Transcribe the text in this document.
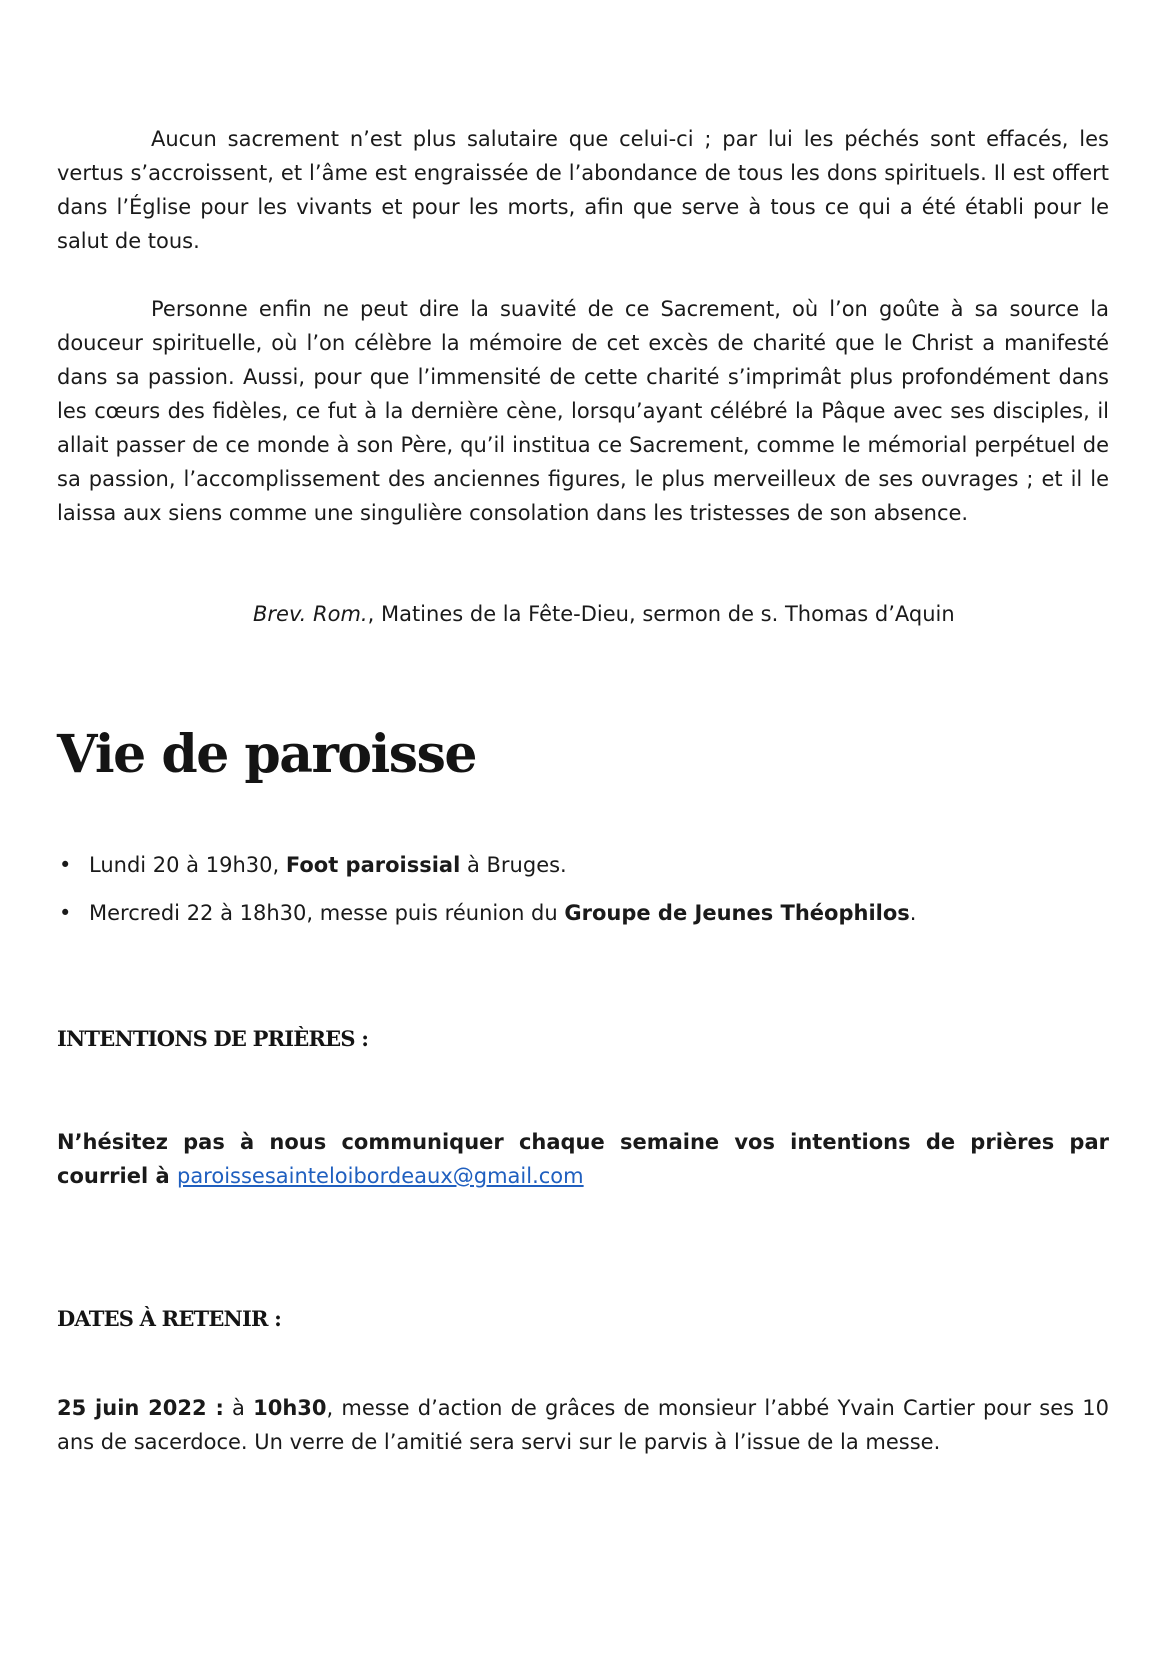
Aucun sacrement n’est plus salutaire que celui-ci ; par lui les péchés sont effacés, les vertus s’accroissent, et l’âme est engraissée de l’abondance de tous les dons spirituels. Il est offert dans l’Église pour les vivants et pour les morts, afin que serve à tous ce qui a été établi pour le salut de tous.

Personne enfin ne peut dire la suavité de ce Sacrement, où l’on goûte à sa source la douceur spirituelle, où l’on célèbre la mémoire de cet excès de charité que le Christ a manifesté dans sa passion. Aussi, pour que l’immensité de cette charité s’imprimât plus profondément dans les cœurs des fidèles, ce fut à la dernière cène, lorsqu’ayant célébré la Pâque avec ses disciples, il allait passer de ce monde à son Père, qu’il institua ce Sacrement, comme le mémorial perpétuel de sa passion, l’accomplissement des anciennes figures, le plus merveilleux de ses ouvrages ; et il le laissa aux siens comme une singulière consolation dans les tristesses de son absence.

Brev. Rom., Matines de la Fête-Dieu, sermon de s. Thomas d’Aquin
Vie de paroisse
• Lundi 20 à 19h30, Foot paroissial à Bruges.
• Mercredi 22 à 18h30, messe puis réunion du Groupe de Jeunes Théophilos.
INTENTIONS DE PRIÈRES :

N’hésitez pas à nous communiquer chaque semaine vos intentions de prières par courriel à paroissesainteloibordeaux@gmail.com

DATES À RETENIR :

25 juin 2022 : à 10h30, messe d’action de grâces de monsieur l’abbé Yvain Cartier pour ses 10 ans de sacerdoce. Un verre de l’amitié sera servi sur le parvis à l’issue de la messe.
